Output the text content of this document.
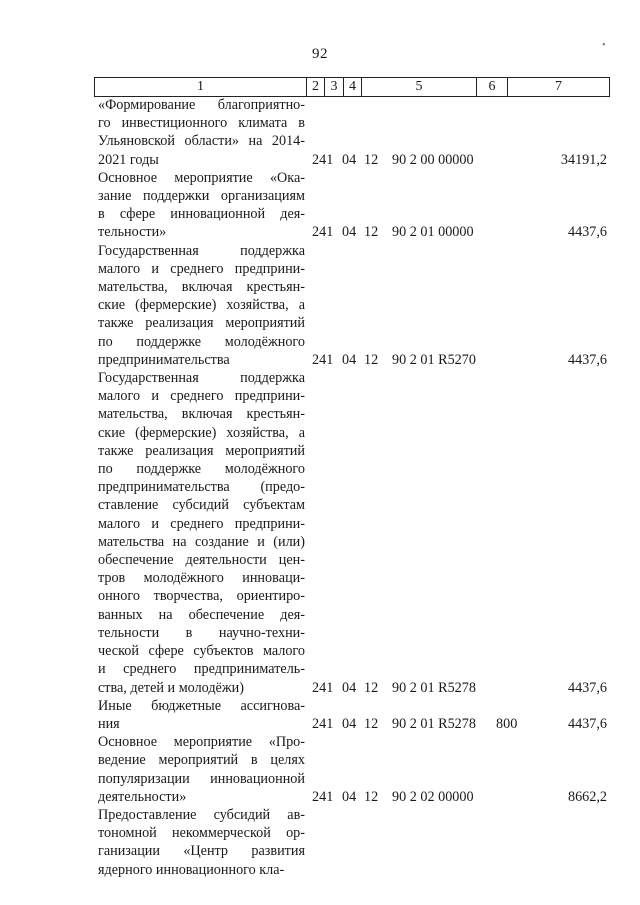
92
•
1	2	3	4	5	6	7
«Формирование благоприятно-
го инвестиционного климата в
Ульяновской области» на 2014-
2021 годы	241 04 12 90 2 00 00000	34191,2
Основное мероприятие «Ока-
зание поддержки организациям
в сфере инновационной дея-
тельности»	241 04 12 90 2 01 00000	4437,6
Государственная поддержка
малого и среднего предприни-
мательства, включая крестьян-
ские (фермерские) хозяйства, а
также реализация мероприятий
по поддержке молодёжного
предпринимательства	241 04 12 90 2 01 R5270	4437,6
Государственная поддержка
малого и среднего предприни-
мательства, включая крестьян-
ские (фермерские) хозяйства, а
также реализация мероприятий
по поддержке молодёжного
предпринимательства (предо-
ставление субсидий субъектам
малого и среднего предприни-
мательства на создание и (или)
обеспечение деятельности цен-
тров молодёжного инновaци-
онного творчества, ориентиро-
ванных на обеспечение дея-
тельности в научно-техни-
ческой сфере субъектов малого
и среднего предприниматель-
ства, детей и молодёжи)	241 04 12 90 2 01 R5278	4437,6
Иные бюджетные ассигнова-
ния	241 04 12 90 2 01 R5278 800	4437,6
Основное мероприятие «Про-
ведение мероприятий в целях
популяризации инновационной
деятельности»	241 04 12 90 2 02 00000	8662,2
Предоставление субсидий ав-
тономной некоммерческой ор-
ганизации «Центр развития
ядерного инновационного кла-
